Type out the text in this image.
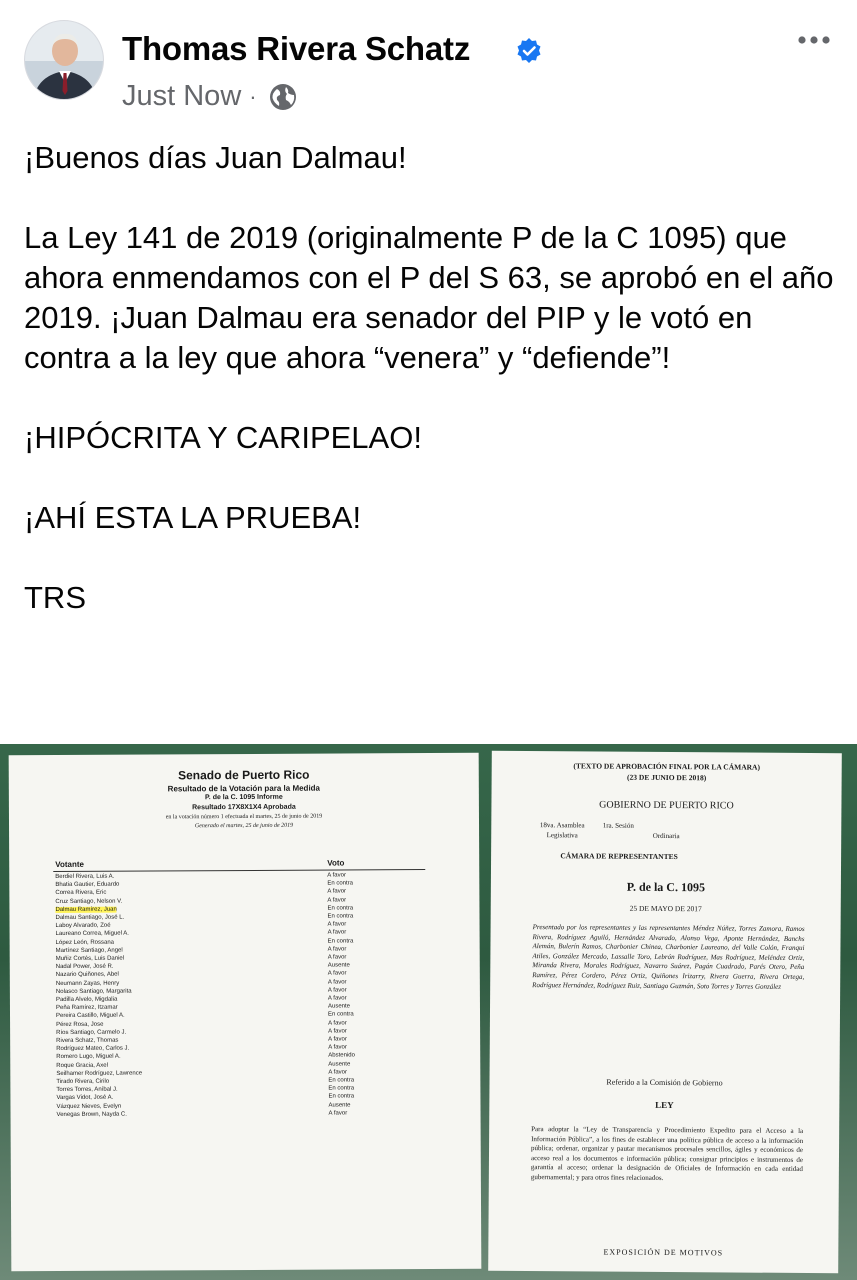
Thomas Rivera Schatz
Just Now ·

¡Buenos días Juan Dalmau!

La Ley 141 de 2019 (originalmente P de la C 1095) que ahora enmendamos con el P del S 63, se aprobó en el año 2019. ¡Juan Dalmau era senador del PIP y le votó en contra a la ley que ahora “venera” y “defiende”!

¡HIPÓCRITA Y CARIPELAO!

¡AHÍ ESTA LA PRUEBA!

TRS

Senado de Puerto Rico
Resultado de la Votación para la Medida
P. de la C. 1095 Informe
Resultado 17X8X1X4 Aprobada
en la votación número 1 efectuada el martes, 25 de junio de 2019
Generado el martes, 25 de junio de 2019
Votante	Voto
Berdiel Rivera, Luis A.	A favor
Bhatia Gautier, Eduardo	En contra
Correa Rivera, Eric	A favor
Cruz Santiago, Nelson V.	A favor
Dalmau Ramírez, Juan	En contra
Dalmau Santiago, José L.	En contra
Laboy Alvarado, Zoé	A favor
Laureano Correa, Miguel A.	A favor
López León, Rossana	En contra
Martínez Santiago, Angel	A favor
Muñiz Cortés, Luis Daniel	A favor
Nadal Power, José R.	Ausente
Nazario Quiñones, Abel	A favor
Neumann Zayas, Henry	A favor
Nolasco Santiago, Margarita	A favor
Padilla Alvelo, Migdalia	A favor
Peña Ramírez, Itzamar	Ausente
Pereira Castillo, Miguel A.	En contra
Pérez Rosa, Jose	A favor
Ríos Santiago, Carmelo J.	A favor
Rivera Schatz, Thomas	A favor
Rodríguez Mateo, Carlos J.	A favor
Romero Lugo, Miguel A.	Abstenido
Roque Gracia, Axel	Ausente
Seilhamer Rodríguez, Lawrence	A favor
Tirado Rivera, Cirilo	En contra
Torres Torres, Aníbal J.	En contra
Vargas Vidot, José A.	En contra
Vázquez Nieves, Evelyn	Ausente
Venegas Brown, Nayda C.	A favor
(TEXTO DE APROBACIÓN FINAL POR LA CÁMARA)
(23 DE JUNIO DE 2018)
GOBIERNO DE PUERTO RICO
18va. Asamblea
Legislativa
1ra. Sesión
Ordinaria
CÁMARA DE REPRESENTANTES
P. de la C. 1095
25 DE MAYO DE 2017
Presentado por los representantes y las representantes Méndez Núñez, Torres Zamora, Ramos Rivera, Rodríguez Aguiló, Hernández Alvarado, Alonso Vega, Aponte Hernández, Banchs Alemán, Bulerín Ramos, Charbonier Chinea, Charbonier Laureano, del Valle Colón, Franqui Atiles, González Mercado, Lassalle Toro, Lebrón Rodríguez, Mas Rodríguez, Meléndez Ortiz, Miranda Rivera, Morales Rodríguez, Navarro Suárez, Pagán Cuadrado, Parés Otero, Peña Ramírez, Pérez Cordero, Pérez Ortiz, Quiñones Irizarry, Rivera Guerra, Rivera Ortega, Rodríguez Hernández, Rodríguez Ruiz, Santiago Guzmán, Soto Torres y Torres González
Referido a la Comisión de Gobierno
LEY
Para adoptar la “Ley de Transparencia y Procedimiento Expedito para el Acceso a la Información Pública”, a los fines de establecer una política pública de acceso a la información pública; ordenar, organizar y pautar mecanismos procesales sencillos, ágiles y económicos de acceso real a los documentos e información pública; consignar principios e instrumentos de garantía al acceso; ordenar la designación de Oficiales de Información en cada entidad gubernamental; y para otros fines relacionados.
EXPOSICIÓN DE MOTIVOS
